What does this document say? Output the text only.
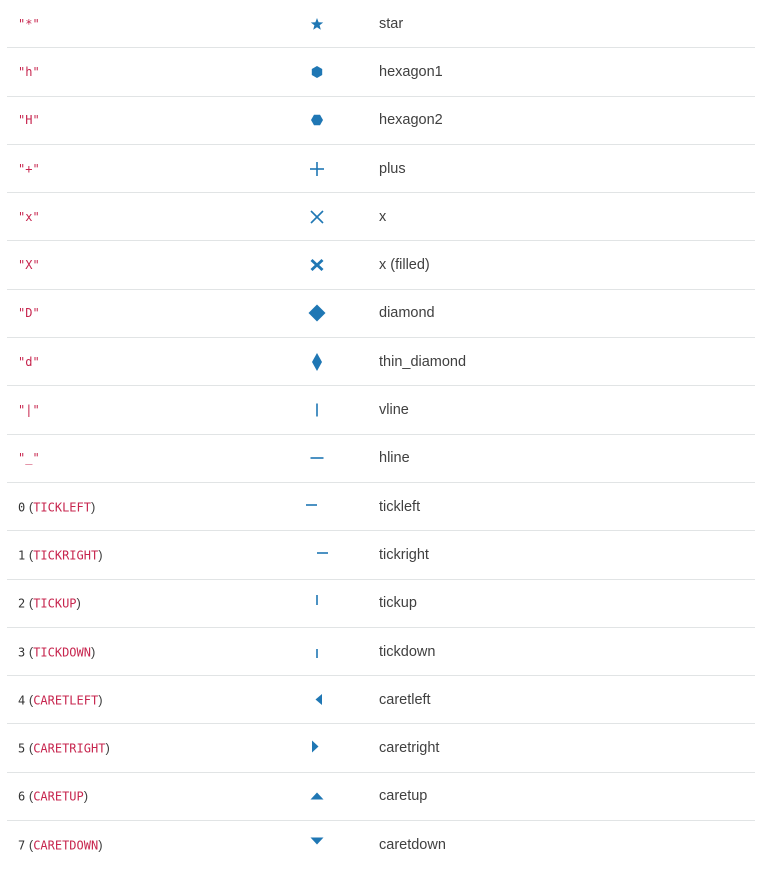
"*"	star
"h"	hexagon1
"H"	hexagon2
"+"	plus
"x"	x
"X"	x (filled)
"D"	diamond
"d"	thin_diamond
"|"	vline
"_"	hline
0 (TICKLEFT)	tickleft
1 (TICKRIGHT)	tickright
2 (TICKUP)	tickup
3 (TICKDOWN)	tickdown
4 (CARETLEFT)	caretleft
5 (CARETRIGHT)	caretright
6 (CARETUP)	caretup
7 (CARETDOWN)	caretdown
